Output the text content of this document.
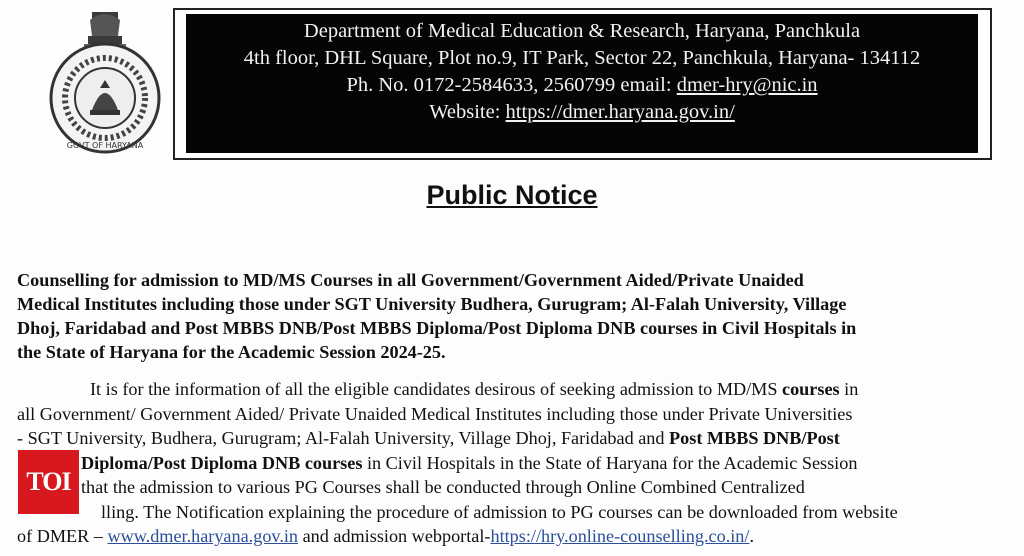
GOVT OF HARYANA
Department of Medical Education & Research, Haryana, Panchkula
4th floor, DHL Square, Plot no.9, IT Park, Sector 22, Panchkula, Haryana- 134112
Ph. No. 0172-2584633, 2560799 email: dmer-hry@nic.in
Website: https://dmer.haryana.gov.in/
Public Notice
Counselling for admission to MD/MS Courses in all Government/Government Aided/Private Unaided
Medical Institutes including those under SGT University Budhera, Gurugram; Al-Falah University, Village
Dhoj, Faridabad and Post MBBS DNB/Post MBBS Diploma/Post Diploma DNB courses in Civil Hospitals in
the State of Haryana for the Academic Session 2024-25.
It is for the information of all the eligible candidates desirous of seeking admission to MD/MS courses in
all Government/ Government Aided/ Private Unaided Medical Institutes including those under Private Universities
- SGT University, Budhera, Gurugram; Al-Falah University, Village Dhoj, Faridabad and Post MBBS DNB/Post
Diploma/Post Diploma DNB courses in Civil Hospitals in the State of Haryana for the Academic Session
that the admission to various PG Courses shall be conducted through Online Combined Centralized
lling. The Notification explaining the procedure of admission to PG courses can be downloaded from website
of DMER – www.dmer.haryana.gov.in and admission webportal-https://hry.online-counselling.co.in/.
TOI
